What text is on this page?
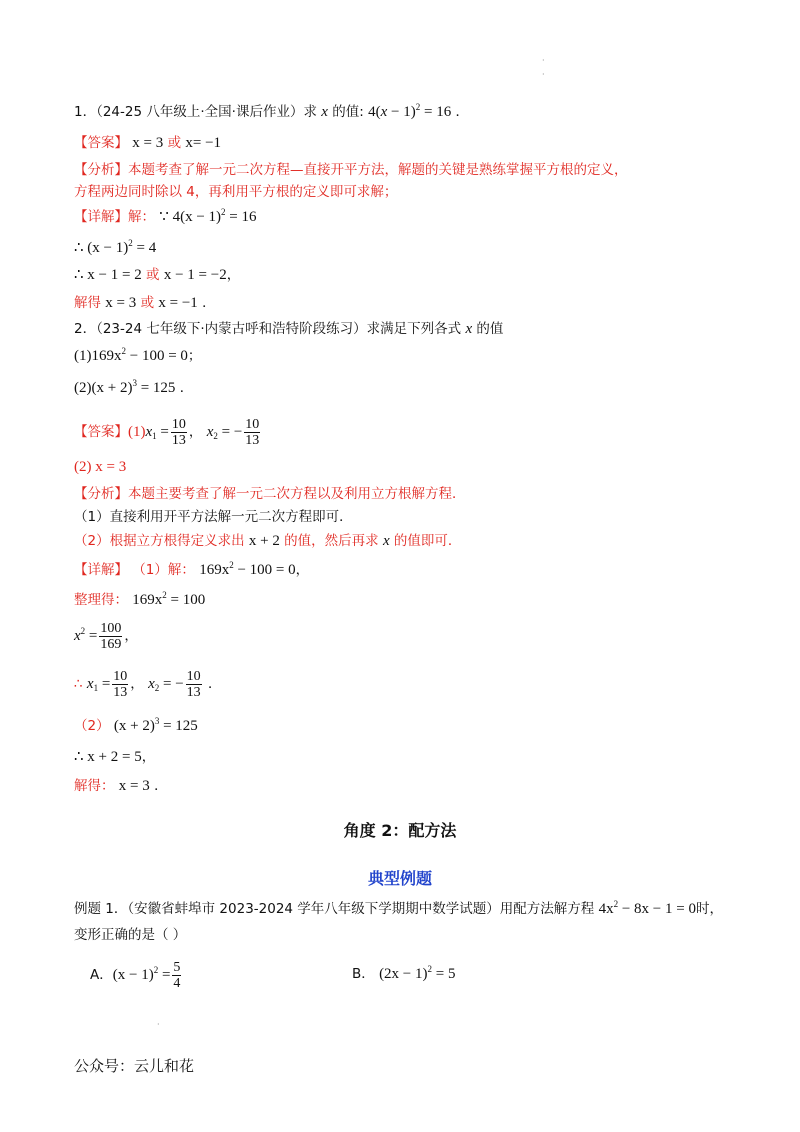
·
·
1．（24-25 八年级上·全国·课后作业）求 x 的值: $4(x - 1)^2 = 16$ ．
【答案】 x = 3 或 x= −1
【分析】本题考查了解一元二次方程—直接开平方法，解题的关键是熟练掌握平方根的定义，
方程两边同时除以 4，再利用平方根的定义即可求解；
【详解】解： ∵ $4(x - 1)^2 = 16$
∴ $(x - 1)^2 = 4$
∴ x − 1 = 2 或 x − 1 = −2，
解得 x = 3 或 x = −1 ．
2．（23-24 七年级下·内蒙古呼和浩特阶段练习）求满足下列各式 x 的值
$(1)169x^2 - 100 = 0$；
$(2)(x + 2)^3 = 125$ ．
【答案】 (1) $x_1 = \frac{10}{13}$ ，
$x_2$ = − $\frac{10}{13}$
(2) x = 3
【分析】本题主要考查了解一元二次方程以及利用立方根解方程．
（1）直接利用开平方法解一元二次方程即可．
（2）根据立方根得定义求出 x + 2 的值，然后再求 x 的值即可．
【详解】 （1）解： $169x^2 - 100 = 0$，
整理得： $169x^2 = 100$
$x^2 = \frac{100}{169}$ ，
∴
$x_1 = \frac{10}{13}$ ，
$x_2$ = − $\frac{10}{13}$
．
（2） $(x + 2)^3 = 125$
∴ x + 2 = 5，
解得： x = 3 ．
角度 2：配方法
典型例题
例题 1．（安徽省蚌埠市 2023-2024 学年八年级下学期期中数学试题）用配方法解方程 $4x^2 - 8x - 1 = 0$时，
变形正确的是（ ）
A． $(x - 1)^2 = \frac{5}{4}$	B． $(2x - 1)^2 = 5$
·
公众号：云儿和花
